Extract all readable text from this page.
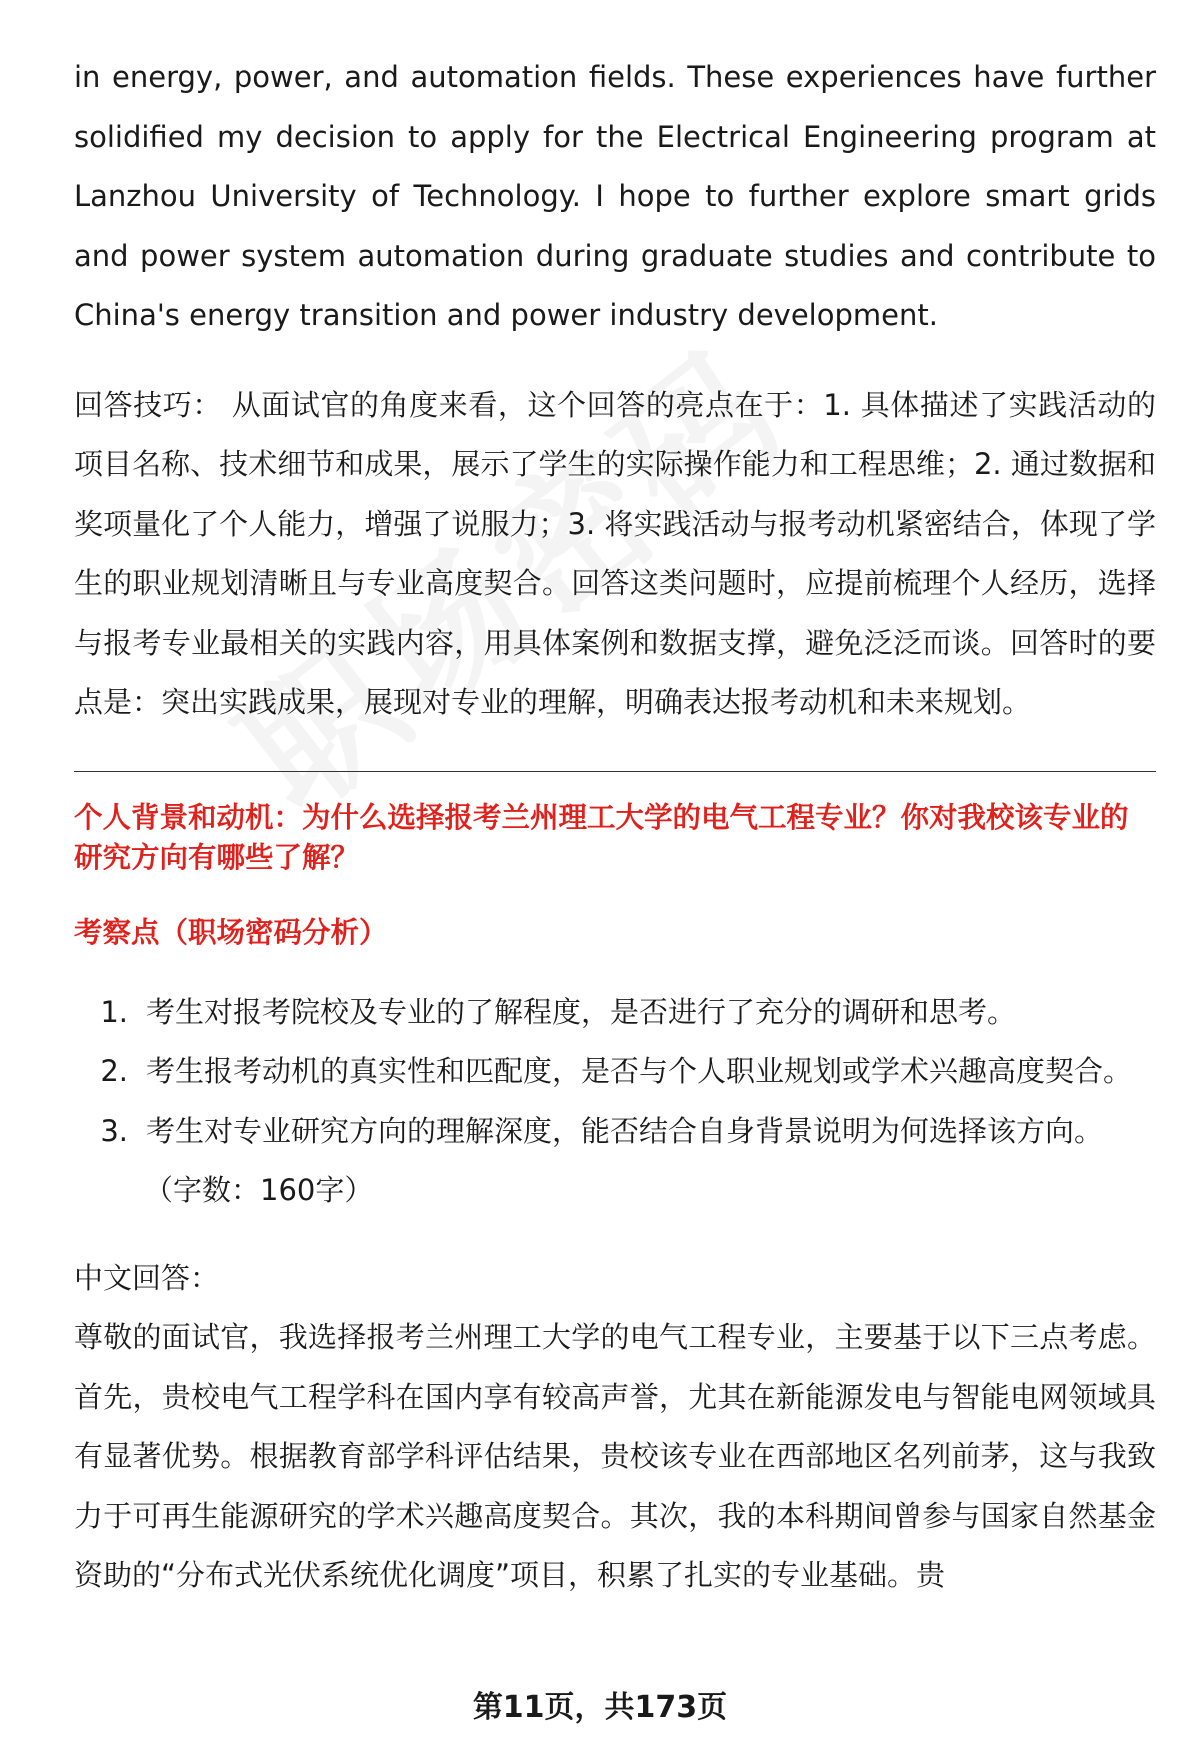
in energy, power, and automation fields. These experiences have further solidified my decision to apply for the Electrical Engineering program at Lanzhou University of Technology. I hope to further explore smart grids and power system automation during graduate studies and contribute to China's energy transition and power industry development.

回答技巧： 从面试官的角度来看，这个回答的亮点在于：1. 具体描述了实践活动的项目名称、技术细节和成果，展示了学生的实际操作能力和工程思维；2. 通过数据和奖项量化了个人能力，增强了说服力；3. 将实践活动与报考动机紧密结合，体现了学生的职业规划清晰且与专业高度契合。回答这类问题时，应提前梳理个人经历，选择与报考专业最相关的实践内容，用具体案例和数据支撑，避免泛泛而谈。回答时的要点是：突出实践成果，展现对专业的理解，明确表达报考动机和未来规划。

个人背景和动机：为什么选择报考兰州理工大学的电气工程专业？你对我校该专业的研究方向有哪些了解？

考察点（职场密码分析）

1. 考生对报考院校及专业的了解程度，是否进行了充分的调研和思考。
2. 考生报考动机的真实性和匹配度，是否与个人职业规划或学术兴趣高度契合。
3. 考生对专业研究方向的理解深度，能否结合自身背景说明为何选择该方向。
（字数：160字）
中文回答：

尊敬的面试官，我选择报考兰州理工大学的电气工程专业，主要基于以下三点考虑。首先，贵校电气工程学科在国内享有较高声誉，尤其在新能源发电与智能电网领域具有显著优势。根据教育部学科评估结果，贵校该专业在西部地区名列前茅，这与我致力于可再生能源研究的学术兴趣高度契合。其次，我的本科期间曾参与国家自然基金资助的“分布式光伏系统优化调度”项目，积累了扎实的专业基础。贵

第11页，共173页
